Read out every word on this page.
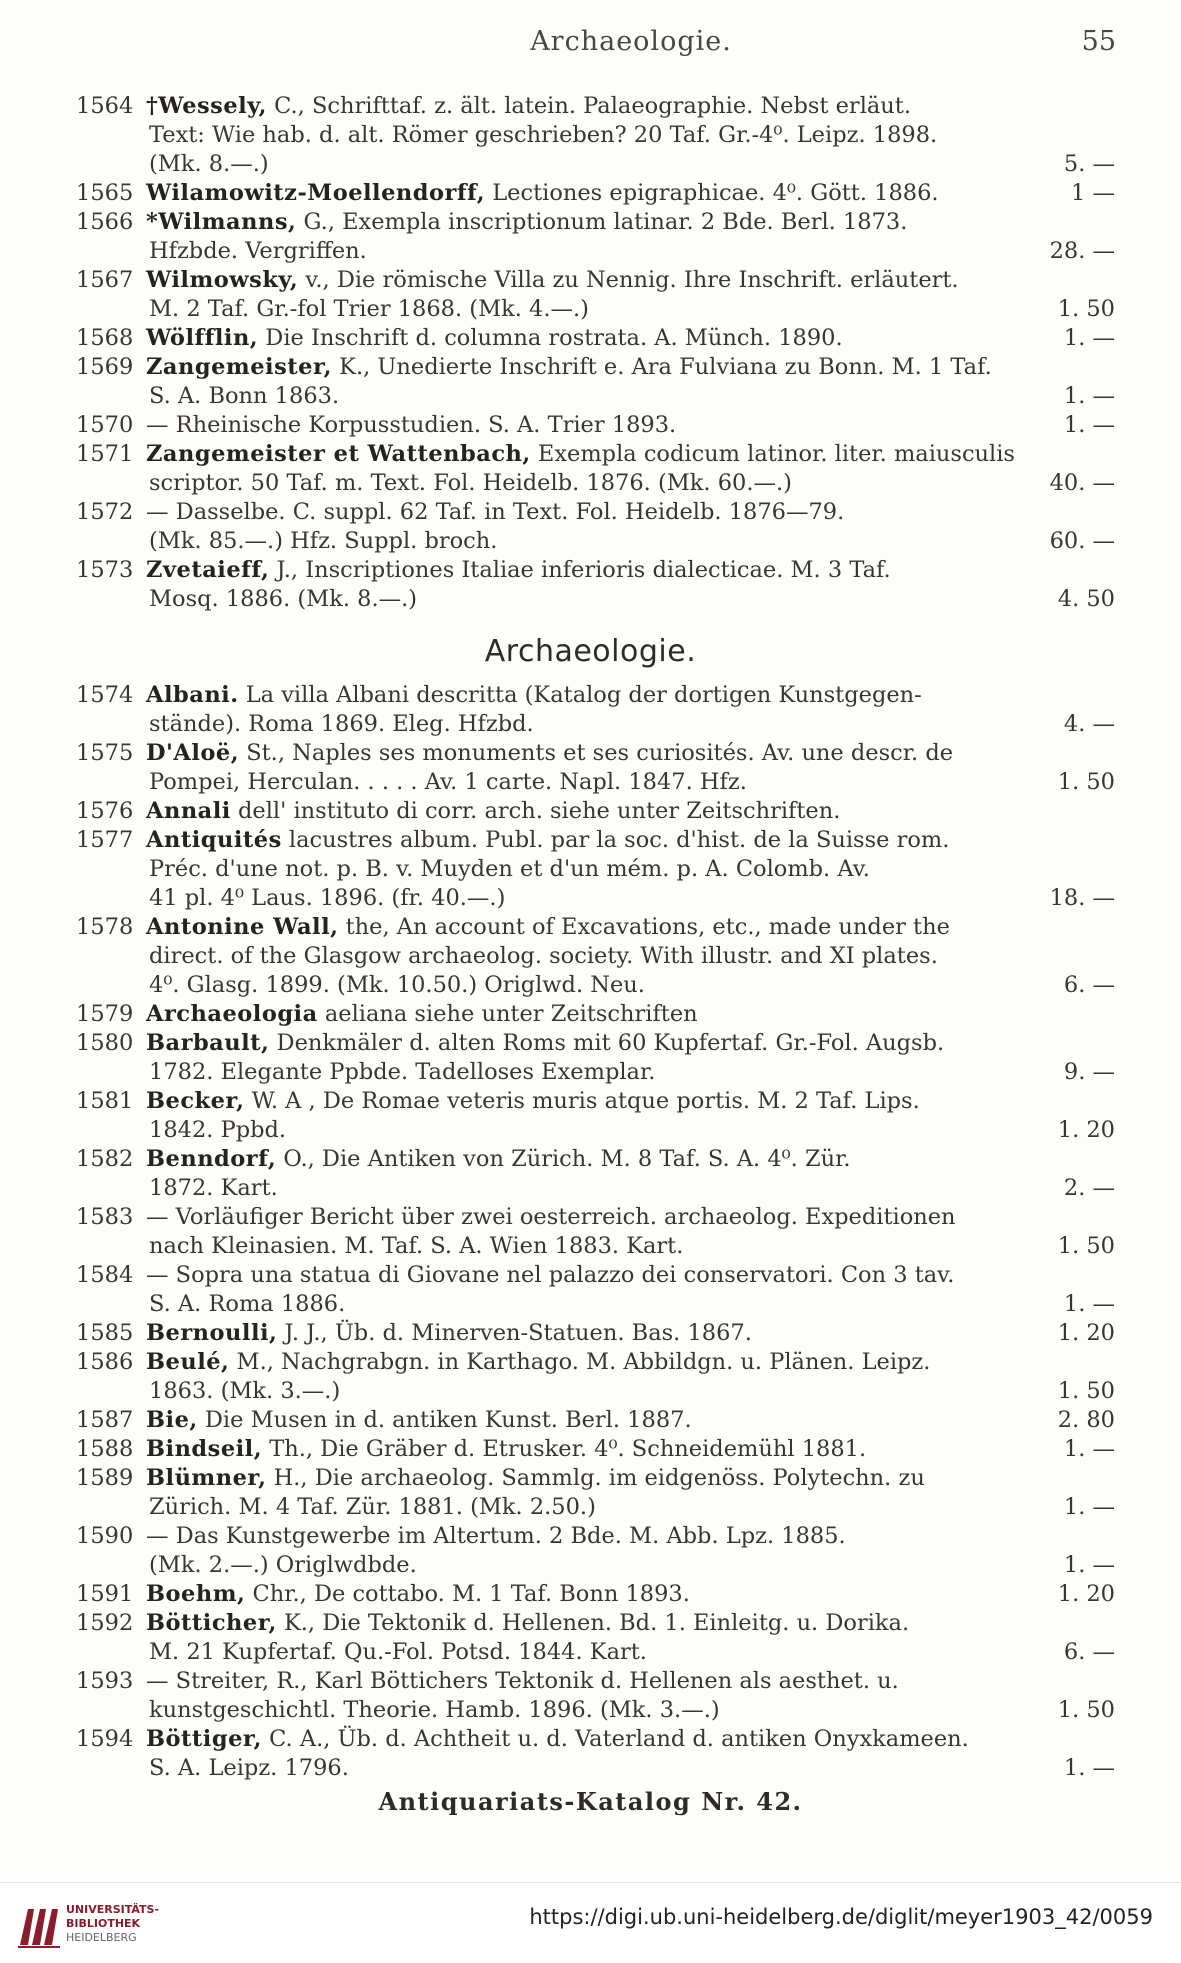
Archaeologie.	55
1564 †Wessely, C., Schrifttaf. z. ält. latein. Palaeographie. Nebst erläut.
Text: Wie hab. d. alt. Römer geschrieben? 20 Taf. Gr.-4⁰. Leipz. 1898.
(Mk. 8.—.)	5. —
1565 Wilamowitz-Moellendorff, Lectiones epigraphicae. 4⁰. Gött. 1886.	1 —
1566 *Wilmanns, G., Exempla inscriptionum latinar. 2 Bde. Berl. 1873.
Hfzbde. Vergriffen.	28. —
1567 Wilmowsky, v., Die römische Villa zu Nennig. Ihre Inschrift. erläutert.
M. 2 Taf. Gr.-fol Trier 1868. (Mk. 4.—.)	1. 50
1568 Wölfflin, Die Inschrift d. columna rostrata. A. Münch. 1890.	1. —
1569 Zangemeister, K., Unedierte Inschrift e. Ara Fulviana zu Bonn. M. 1 Taf.
S. A. Bonn 1863.	1. —
1570 — Rheinische Korpusstudien. S. A. Trier 1893.	1. —
1571 Zangemeister et Wattenbach, Exempla codicum latinor. liter. maiusculis
scriptor. 50 Taf. m. Text. Fol. Heidelb. 1876. (Mk. 60.—.)	40. —
1572 — Dasselbe. C. suppl. 62 Taf. in Text. Fol. Heidelb. 1876—79.
(Mk. 85.—.) Hfz. Suppl. broch.	60. —
1573 Zvetaieff, J., Inscriptiones Italiae inferioris dialecticae. M. 3 Taf.
Mosq. 1886. (Mk. 8.—.)	4. 50
Archaeologie.
1574 Albani. La villa Albani descritta (Katalog der dortigen Kunstgegen-
stände). Roma 1869. Eleg. Hfzbd.	4. —
1575 D'Aloë, St., Naples ses monuments et ses curiosités. Av. une descr. de
Pompei, Herculan. . . . . Av. 1 carte. Napl. 1847. Hfz.	1. 50
1576 Annali dell' instituto di corr. arch. siehe unter Zeitschriften.
1577 Antiquités lacustres album. Publ. par la soc. d'hist. de la Suisse rom.
Préc. d'une not. p. B. v. Muyden et d'un mém. p. A. Colomb. Av.
41 pl. 4⁰ Laus. 1896. (fr. 40.—.)	18. —
1578 Antonine Wall, the, An account of Excavations, etc., made under the
direct. of the Glasgow archaeolog. society. With illustr. and XI plates.
4⁰. Glasg. 1899. (Mk. 10.50.) Origlwd. Neu.	6. —
1579 Archaeologia aeliana siehe unter Zeitschriften
1580 Barbault, Denkmäler d. alten Roms mit 60 Kupfertaf. Gr.-Fol. Augsb.
1782. Elegante Ppbde. Tadelloses Exemplar.	9. —
1581 Becker, W. A , De Romae veteris muris atque portis. M. 2 Taf. Lips.
1842. Ppbd.	1. 20
1582 Benndorf, O., Die Antiken von Zürich. M. 8 Taf. S. A. 4⁰. Zür.
1872. Kart.	2. —
1583 — Vorläufiger Bericht über zwei oesterreich. archaeolog. Expeditionen
nach Kleinasien. M. Taf. S. A. Wien 1883. Kart.	1. 50
1584 — Sopra una statua di Giovane nel palazzo dei conservatori. Con 3 tav.
S. A. Roma 1886.	1. —
1585 Bernoulli, J. J., Üb. d. Minerven-Statuen. Bas. 1867.	1. 20
1586 Beulé, M., Nachgrabgn. in Karthago. M. Abbildgn. u. Plänen. Leipz.
1863. (Mk. 3.—.)	1. 50
1587 Bie, Die Musen in d. antiken Kunst. Berl. 1887.	2. 80
1588 Bindseil, Th., Die Gräber d. Etrusker. 4⁰. Schneidemühl 1881.	1. —
1589 Blümner, H., Die archaeolog. Sammlg. im eidgenöss. Polytechn. zu
Zürich. M. 4 Taf. Zür. 1881. (Mk. 2.50.)	1. —
1590 — Das Kunstgewerbe im Altertum. 2 Bde. M. Abb. Lpz. 1885.
(Mk. 2.—.) Origlwdbde.	1. —
1591 Boehm, Chr., De cottabo. M. 1 Taf. Bonn 1893.	1. 20
1592 Bötticher, K., Die Tektonik d. Hellenen. Bd. 1. Einleitg. u. Dorika.
M. 21 Kupfertaf. Qu.-Fol. Potsd. 1844. Kart.	6. —
1593 — Streiter, R., Karl Böttichers Tektonik d. Hellenen als aesthet. u.
kunstgeschichtl. Theorie. Hamb. 1896. (Mk. 3.—.)	1. 50
1594 Böttiger, C. A., Üb. d. Achtheit u. d. Vaterland d. antiken Onyxkameen.
S. A. Leipz. 1796.	1. —
Antiquariats-Katalog Nr. 42.
UNIVERSITÄTS-
BIBLIOTHEK
HEIDELBERG
https://digi.ub.uni-heidelberg.de/diglit/meyer1903_42/0059
